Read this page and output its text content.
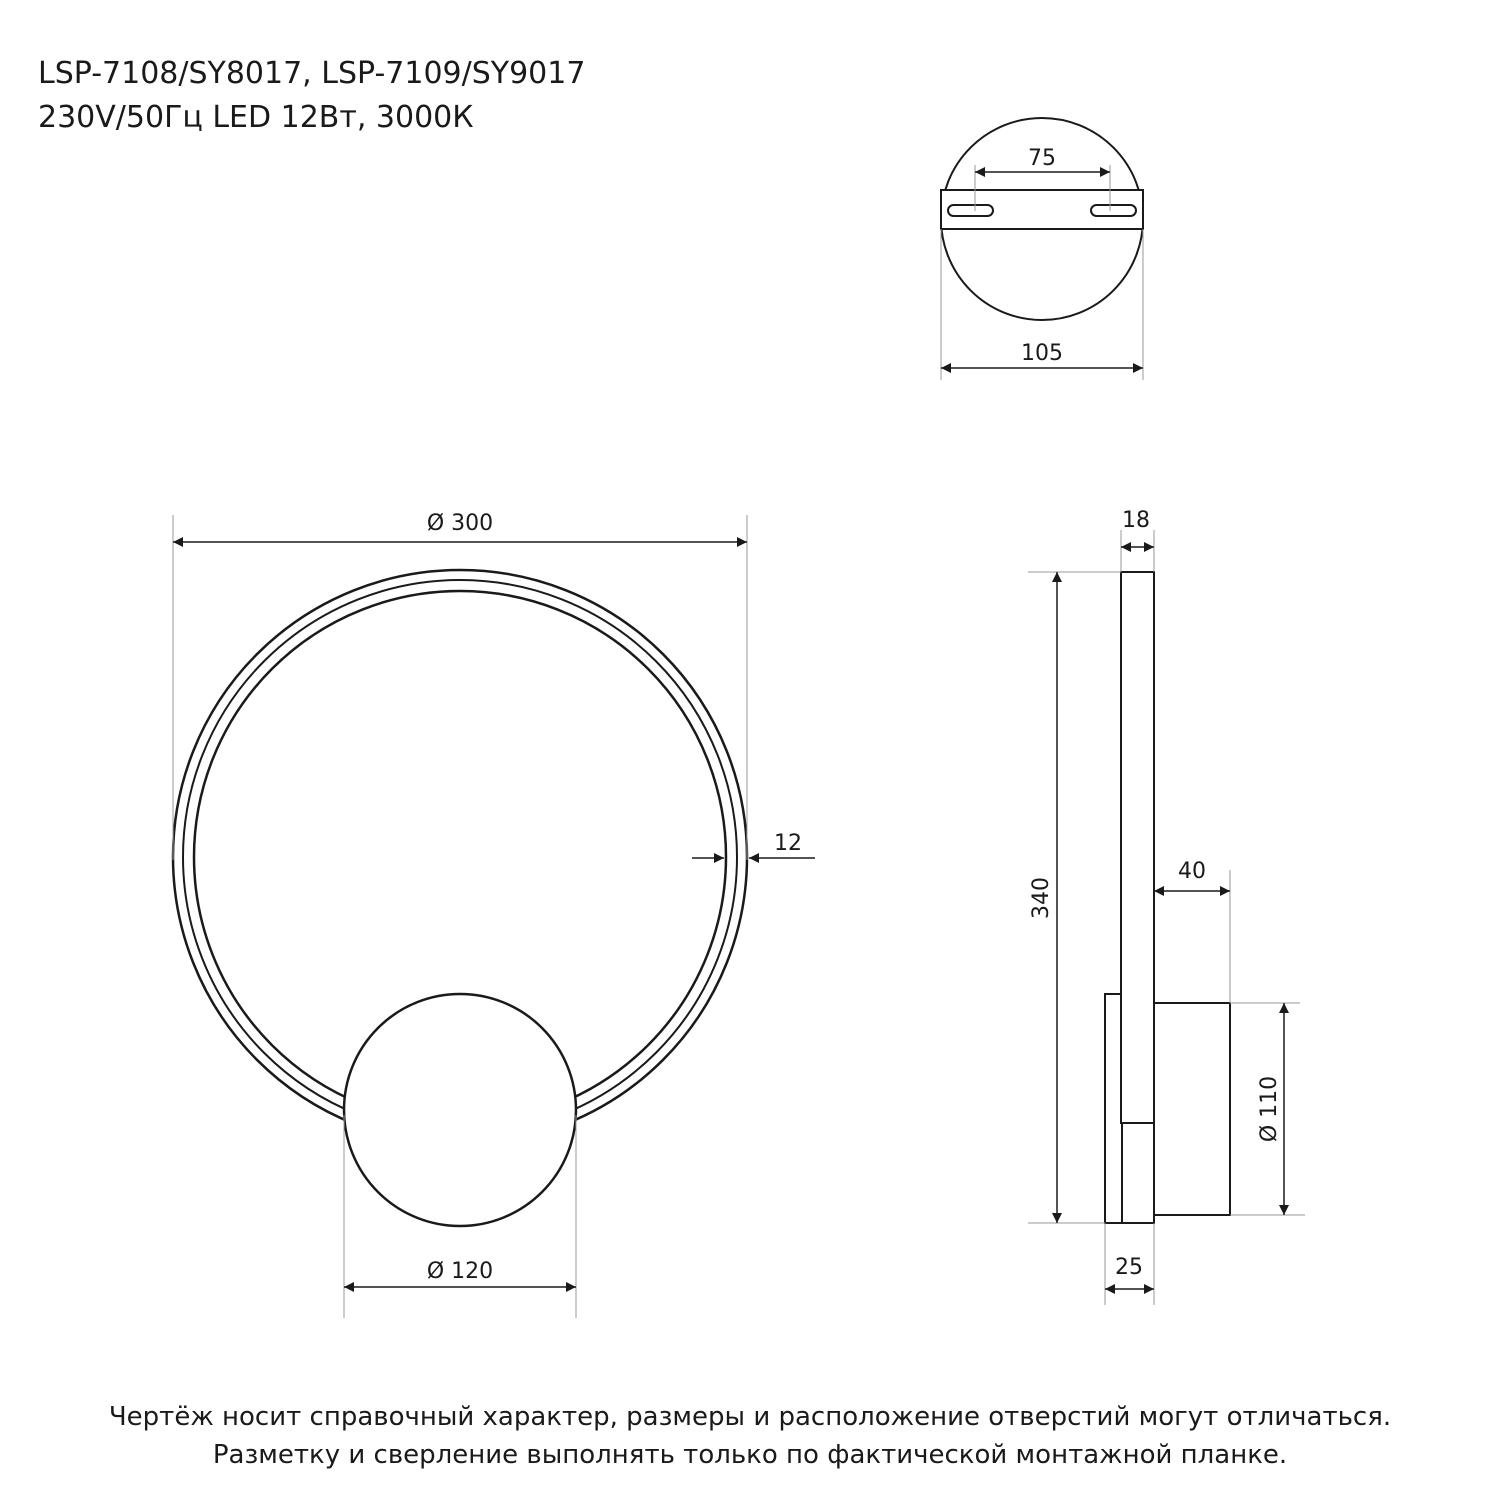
LSP-7108/SY8017, LSP-7109/SY9017
230V/50Гц LED 12Вт, 3000К
75
105
Ø 300
12
Ø 120
18
340
40
Ø 110
25
Чертёж носит справочный характер, размеры и расположение отверстий могут отличаться.
Разметку и сверление выполнять только по фактической монтажной планке.
